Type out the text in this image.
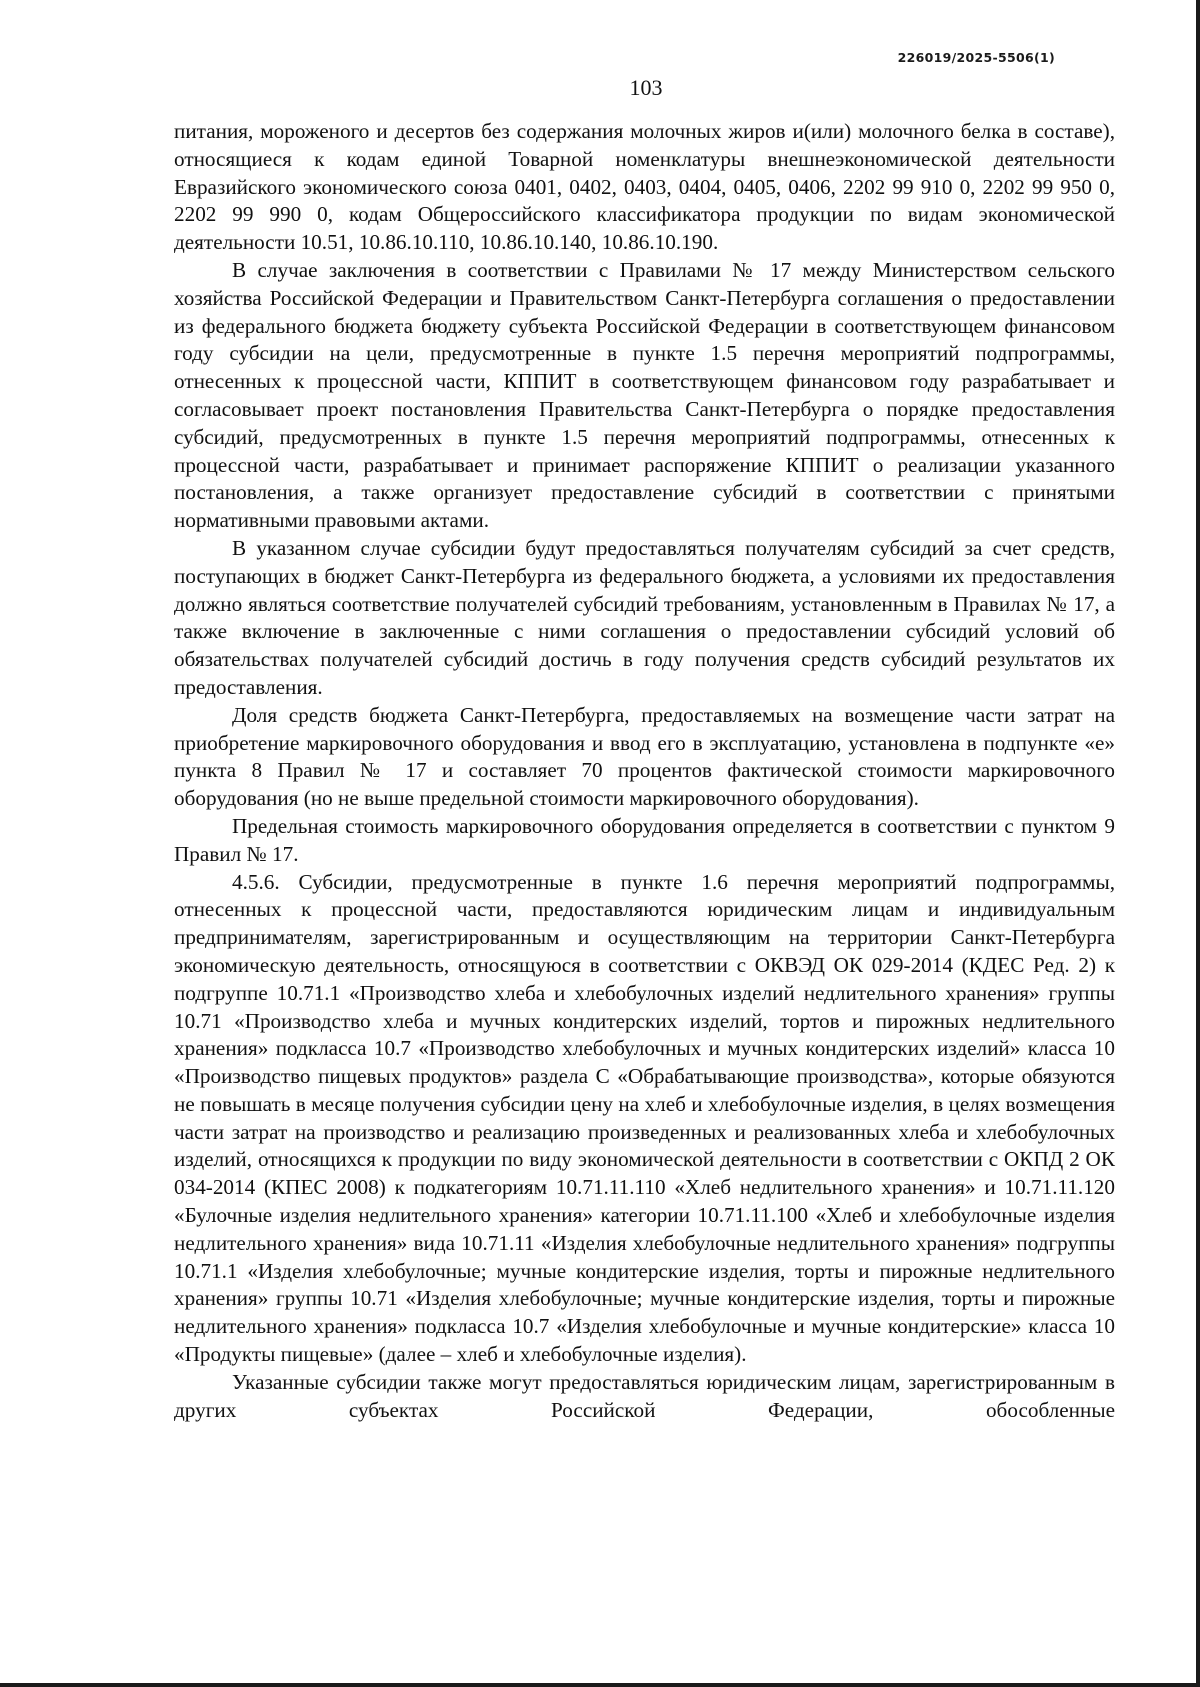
226019/2025-5506(1)
103

питания, мороженого и десертов без содержания молочных жиров и(или) молочного белка в составе), относящиеся к кодам единой Товарной номенклатуры внешнеэкономической деятельности Евразийского экономического союза 0401, 0402, 0403, 0404, 0405, 0406, 2202 99 910 0, 2202 99 950 0, 2202 99 990 0, кодам Общероссийского классификатора продукции по видам экономической деятельности 10.51, 10.86.10.110, 10.86.10.140, 10.86.10.190.

В случае заключения в соответствии с Правилами № 17 между Министерством сельского хозяйства Российской Федерации и Правительством Санкт-Петербурга соглашения о предоставлении из федерального бюджета бюджету субъекта Российской Федерации в соответствующем финансовом году субсидии на цели, предусмотренные в пункте 1.5 перечня мероприятий подпрограммы, отнесенных к процессной части, КППИТ в соответствующем финансовом году разрабатывает и согласовывает проект постановления Правительства Санкт-Петербурга о порядке предоставления субсидий, предусмотренных в пункте 1.5 перечня мероприятий подпрограммы, отнесенных к процессной части, разрабатывает и принимает распоряжение КППИТ о реализации указанного постановления, а также организует предоставление субсидий в соответствии с принятыми нормативными правовыми актами.

В указанном случае субсидии будут предоставляться получателям субсидий за счет средств, поступающих в бюджет Санкт-Петербурга из федерального бюджета, а условиями их предоставления должно являться соответствие получателей субсидий требованиям, установленным в Правилах № 17, а также включение в заключенные с ними соглашения о предоставлении субсидий условий об обязательствах получателей субсидий достичь в году получения средств субсидий результатов их предоставления.

Доля средств бюджета Санкт-Петербурга, предоставляемых на возмещение части затрат на приобретение маркировочного оборудования и ввод его в эксплуатацию, установлена в подпункте «е» пункта 8 Правил № 17 и составляет 70 процентов фактической стоимости маркировочного оборудования (но не выше предельной стоимости маркировочного оборудования).

Предельная стоимость маркировочного оборудования определяется в соответствии с пунктом 9 Правил № 17.

4.5.6. Субсидии, предусмотренные в пункте 1.6 перечня мероприятий подпрограммы, отнесенных к процессной части, предоставляются юридическим лицам и индивидуальным предпринимателям, зарегистрированным и осуществляющим на территории Санкт-Петербурга экономическую деятельность, относящуюся в соответствии с ОКВЭД ОК 029-2014 (КДЕС Ред. 2) к подгруппе 10.71.1 «Производство хлеба и хлебобулочных изделий недлительного хранения» группы 10.71 «Производство хлеба и мучных кондитерских изделий, тортов и пирожных недлительного хранения» подкласса 10.7 «Производство хлебобулочных и мучных кондитерских изделий» класса 10 «Производство пищевых продуктов» раздела С «Обрабатывающие производства», которые обязуются не повышать в месяце получения субсидии цену на хлеб и хлебобулочные изделия, в целях возмещения части затрат на производство и реализацию произведенных и реализованных хлеба и хлебобулочных изделий, относящихся к продукции по виду экономической деятельности в соответствии с ОКПД 2 ОК 034-2014 (КПЕС 2008) к подкатегориям 10.71.11.110 «Хлеб недлительного хранения» и 10.71.11.120 «Булочные изделия недлительного хранения» категории 10.71.11.100 «Хлеб и хлебобулочные изделия недлительного хранения» вида 10.71.11 «Изделия хлебобулочные недлительного хранения» подгруппы 10.71.1 «Изделия хлебобулочные; мучные кондитерские изделия, торты и пирожные недлительного хранения» группы 10.71 «Изделия хлебобулочные; мучные кондитерские изделия, торты и пирожные недлительного хранения» подкласса 10.7 «Изделия хлебобулочные и мучные кондитерские» класса 10 «Продукты пищевые» (далее – хлеб и хлебобулочные изделия).

Указанные субсидии также могут предоставляться юридическим лицам, зарегистрированным в других субъектах Российской Федерации, обособленные
